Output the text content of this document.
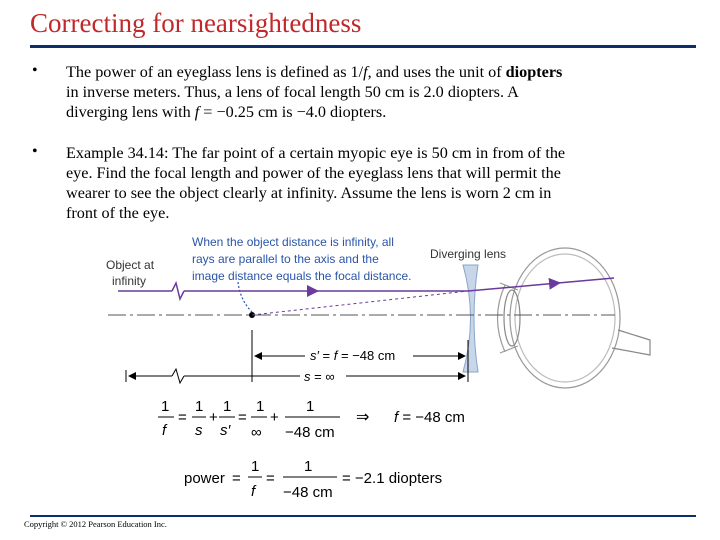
Correcting for nearsightedness
• The power of an eyeglass lens is defined as 1/f, and uses the unit of diopters
in inverse meters. Thus, a lens of focal length 50 cm is 2.0 diopters. A
diverging lens with f = −0.25 cm is −4.0 diopters.
• Example 34.14: The far point of a certain myopic eye is 50 cm in from of the
eye. Find the focal length and power of the eyeglass lens that will permit the
wearer to see the object clearly at infinity. Assume the lens is worn 2 cm in
front of the eye.
When the object distance is infinity, all
rays are parallel to the axis and the
image distance equals the focal distance.
Object at
infinity
Diverging lens
s′ = f = −48 cm
s = ∞
1
f
=
1
s
+
1
s′
=
1
∞
+
1
−48 cm
⇒ f = −48 cm
power =
1
f
=
1
−48 cm
= −2.1 diopters
Copyright © 2012 Pearson Education Inc.
